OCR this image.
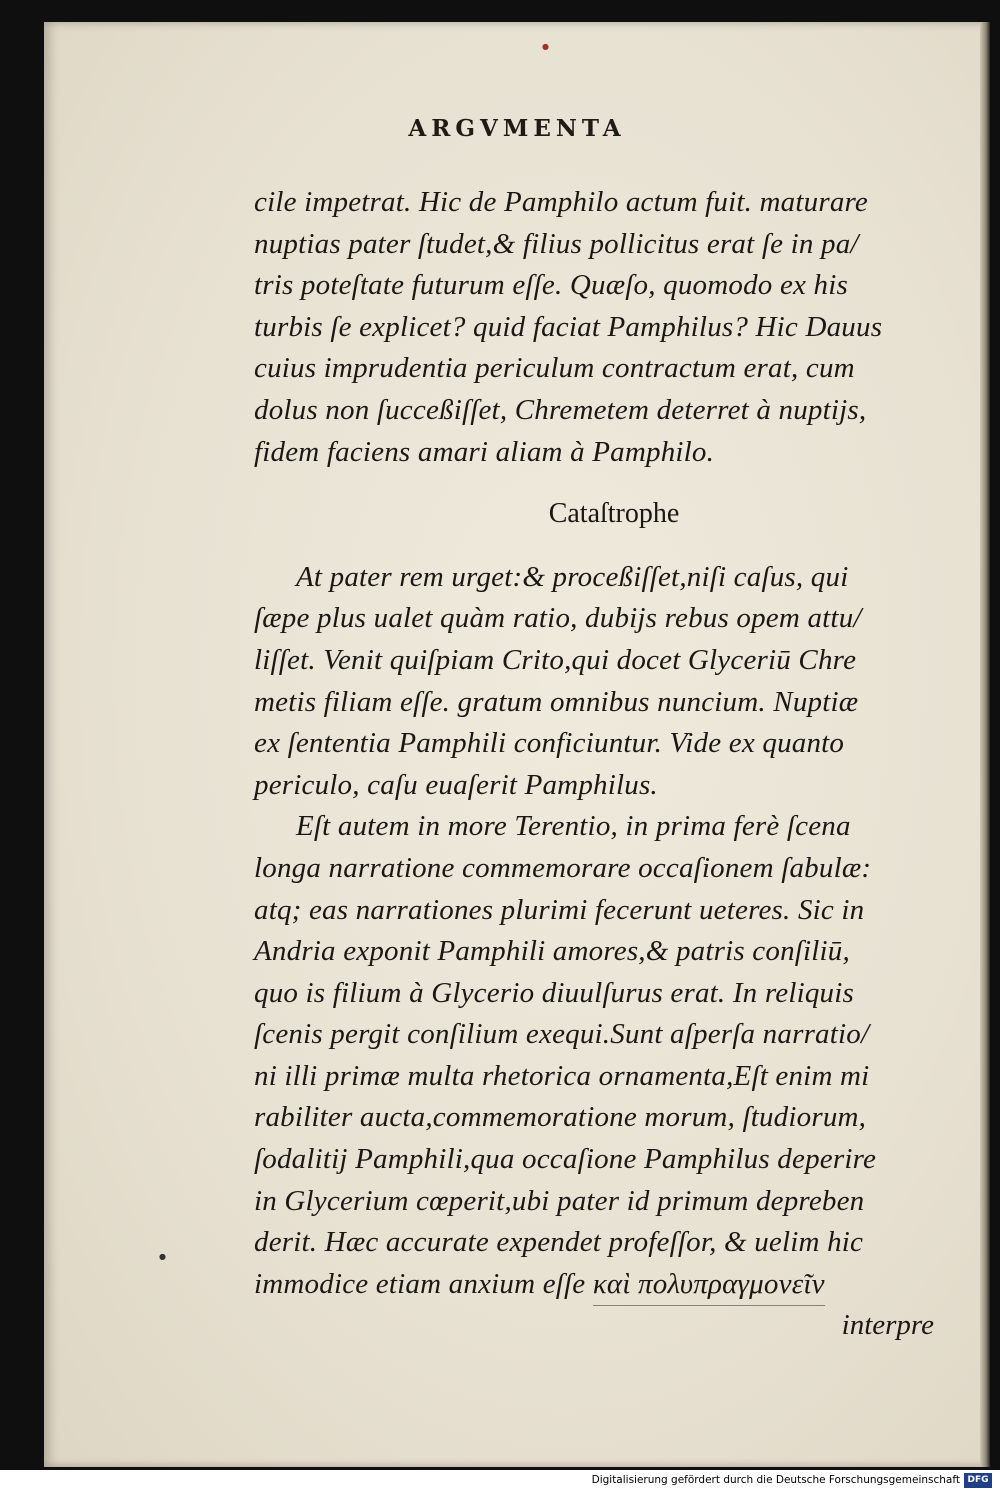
ARGVMENTA
cile impetrat. Hic de Pamphilo actum fuit. maturare
nuptias pater ſtudet,& filius pollicitus erat ſe in pa/
tris poteſtate futurum eſſe. Quæſo, quomodo ex his
turbis ſe explicet? quid faciat Pamphilus? Hic Dauus
cuius imprudentia periculum contractum erat, cum
dolus non ſucceßiſſet, Chremetem deterret à nuptijs,
fidem faciens amari aliam à Pamphilo.
Cataſtrophe
At pater rem urget:& proceßiſſet,niſi caſus, qui
ſæpe plus ualet quàm ratio, dubijs rebus opem attu/
liſſet. Venit quiſpiam Crito,qui docet Glyceriū Chre
metis filiam eſſe. gratum omnibus nuncium. Nuptiæ
ex ſententia Pamphili conficiuntur. Vide ex quanto
periculo, caſu euaſerit Pamphilus.
Eſt autem in more Terentio, in prima ferè ſcena
longa narratione commemorare occaſionem ſabulæ:
atq; eas narrationes plurimi fecerunt ueteres. Sic in
Andria exponit Pamphili amores,& patris conſiliū,
quo is filium à Glycerio diuulſurus erat. In reliquis
ſcenis pergit conſilium exequi.Sunt aſperſa narratio/
ni illi primæ multa rhetorica ornamenta,Eſt enim mi
rabiliter aucta,commemoratione morum, ſtudiorum,
ſodalitij Pamphili,qua occaſione Pamphilus deperire
in Glycerium cœperit,ubi pater id primum depreben
derit. Hæc accurate expendet profeſſor, & uelim hic
immodice etiam anxium eſſe καὶ πολυπραγμονεῖν
interpre
●
●
Digitalisierung gefördert durch die Deutsche Forschungsgemeinschaft DFG
